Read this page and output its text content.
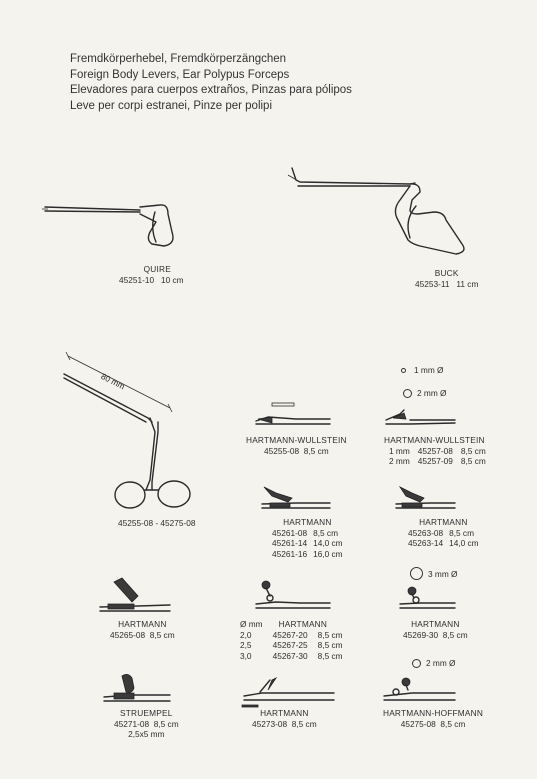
Fremdkörperhebel, Fremdkörperzängchen
Foreign Body Levers, Ear Polypus Forceps
Elevadores para cuerpos extraños, Pinzas para pólipos
Leve per corpi estranei, Pinze per polipi
80 mm
45255-08 - 45275-08
QUIRE
45251-10 10 cm
BUCK
45253-11 11 cm
1 mm Ø
2 mm Ø
3 mm Ø
2 mm Ø
HARTMANN-WULLSTEIN
45255-08 8,5 cm
HARTMANN-WULLSTEIN
1 mm 45257-08 8,5 cm
2 mm 45257-09 8,5 cm
HARTMANN
45261-08 8,5 cm
45261-14 14,0 cm
45261-16 16,0 cm
HARTMANN
45263-08 8,5 cm
45263-14 14,0 cm
HARTMANN
45265-08 8,5 cm
Ø mm	HARTMANN
2,0	45267-20 8,5 cm
2,5	45267-25 8,5 cm
3,0	45267-30 8,5 cm
HARTMANN
45269-30 8,5 cm
STRUEMPEL
45271-08 8,5 cm
2,5x5 mm
HARTMANN
45273-08 8,5 cm
HARTMANN-HOFFMANN
45275-08 8,5 cm
